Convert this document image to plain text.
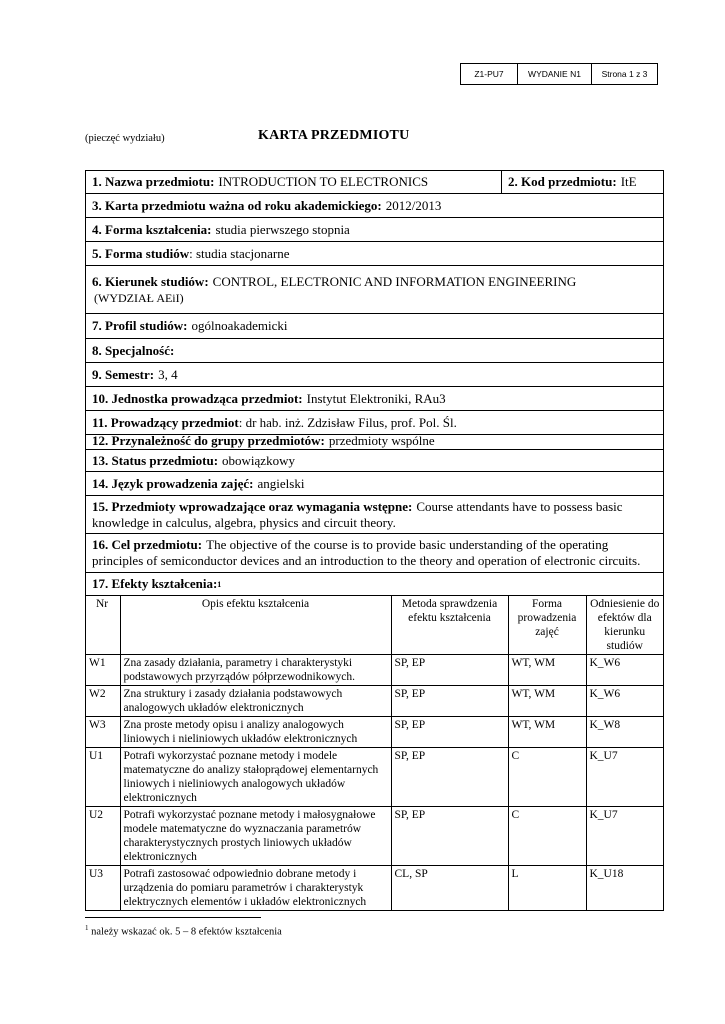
Z1-PU7	WYDANIE N1	Strona 1 z 3
(pieczęć wydziału)	KARTA PRZEDMIOTU
1. Nazwa przedmiotu: INTRODUCTION TO ELECTRONICS	2. Kod przedmiotu: ItE
3. Karta przedmiotu ważna od roku akademickiego: 2012/2013
4. Forma kształcenia: studia pierwszego stopnia
5. Forma studiów : studia stacjonarne
6. Kierunek studiów: CONTROL, ELECTRONIC AND INFORMATION ENGINEERING
(WYDZIAŁ AEiI)
7. Profil studiów: ogólnoakademicki
8. Specjalność:
9. Semestr: 3, 4
10. Jednostka prowadząca przedmiot: Instytut Elektroniki, RAu3
11. Prowadzący przedmiot : dr hab. inż. Zdzisław Filus, prof. Pol. Śl.
12. Przynależność do grupy przedmiotów: przedmioty wspólne
13. Status przedmiotu: obowiązkowy
14. Język prowadzenia zajęć: angielski
15. Przedmioty wprowadzające oraz wymagania wstępne: Course attendants have to possess basic knowledge in calculus, algebra, physics and circuit theory.
16. Cel przedmiotu: The objective of the course is to provide basic understanding of the operating principles of semiconductor devices and an introduction to the theory and operation of electronic circuits.
17. Efekty kształcenia: 1
Nr	Opis efektu kształcenia	Metoda sprawdzenia efektu kształcenia	Forma prowadzenia zajęć	Odniesienie do efektów dla kierunku studiów
W1	Zna zasady działania, parametry i charakterystyki podstawowych przyrządów półprzewodnikowych.	SP, EP	WT, WM	K_W6
W2	Zna struktury i zasady działania podstawowych analogowych układów elektronicznych	SP, EP	WT, WM	K_W6
W3	Zna proste metody opisu i analizy analogowych liniowych i nieliniowych układów elektronicznych	SP, EP	WT, WM	K_W8
U1	Potrafi wykorzystać poznane metody i modele matematyczne do analizy stałoprądowej elementarnych liniowych i nieliniowych analogowych układów elektronicznych	SP, EP	C	K_U7
U2	Potrafi wykorzystać poznane metody i małosygnałowe modele matematyczne do wyznaczania parametrów charakterystycznych prostych liniowych układów elektronicznych	SP, EP	C	K_U7
U3	Potrafi zastosować odpowiednio dobrane metody i urządzenia do pomiaru parametrów i charakterystyk elektrycznych elementów i układów elektronicznych	CL, SP	L	K_U18
$^1$ należy wskazać ok. 5 – 8 efektów kształcenia
